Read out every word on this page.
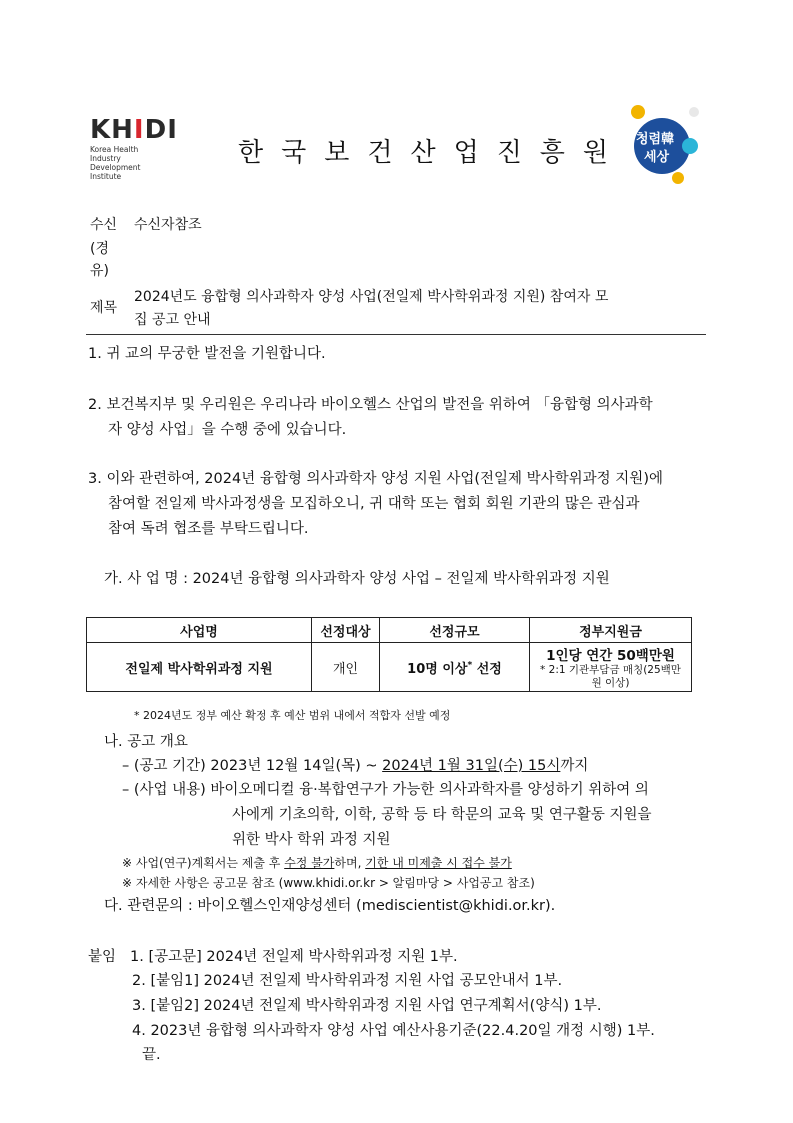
KHIDI
Korea Health Industry
Development Institute
한국보건산업진흥원 청렴韓
세상
수신 수신자참조
(경
유)
제목
2024년도 융합형 의사과학자 양성 사업(전일제 박사학위과정 지원) 참여자 모
집 공고 안내
1. 귀 교의 무궁한 발전을 기원합니다.
2. 보건복지부 및 우리원은 우리나라 바이오헬스 산업의 발전을 위하여 「융합형 의사과학
자 양성 사업」을 수행 중에 있습니다.
3. 이와 관련하여, 2024년 융합형 의사과학자 양성 지원 사업(전일제 박사학위과정 지원)에
참여할 전일제 박사과정생을 모집하오니, 귀 대학 또는 협회 회원 기관의 많은 관심과
참여 독려 협조를 부탁드립니다.
가. 사 업 명 : 2024년 융합형 의사과학자 양성 사업 – 전일제 박사학위과정 지원
사업명	선정대상	선정규모	정부지원금
전일제 박사학위과정 지원	개인	10명 이상* 선정	1인당 연간 50백만원
* 2:1 기관부담금 매칭(25백만
원 이상)
* 2024년도 정부 예산 확정 후 예산 범위 내에서 적합자 선발 예정
나. 공고 개요
– (공고 기간) 2023년 12월 14일(목) ~ 2024년 1월 31일(수) 15시까지
– (사업 내용) 바이오메디컬 융·복합연구가 가능한 의사과학자를 양성하기 위하여 의
사에게 기초의학, 이학, 공학 등 타 학문의 교육 및 연구활동 지원을
위한 박사 학위 과정 지원
※ 사업(연구)계획서는 제출 후 수정 불가하며, 기한 내 미제출 시 접수 불가
※ 자세한 사항은 공고문 참조 (www.khidi.or.kr > 알림마당 > 사업공고 참조)
다. 관련문의 : 바이오헬스인재양성센터 (mediscientist@khidi.or.kr).
붙임 1. [공고문] 2024년 전일제 박사학위과정 지원 1부.
2. [붙임1] 2024년 전일제 박사학위과정 지원 사업 공모안내서 1부.
3. [붙임2] 2024년 전일제 박사학위과정 지원 사업 연구계획서(양식) 1부.
4. 2023년 융합형 의사과학자 양성 사업 예산사용기준(22.4.20일 개정 시행) 1부.
끝.
